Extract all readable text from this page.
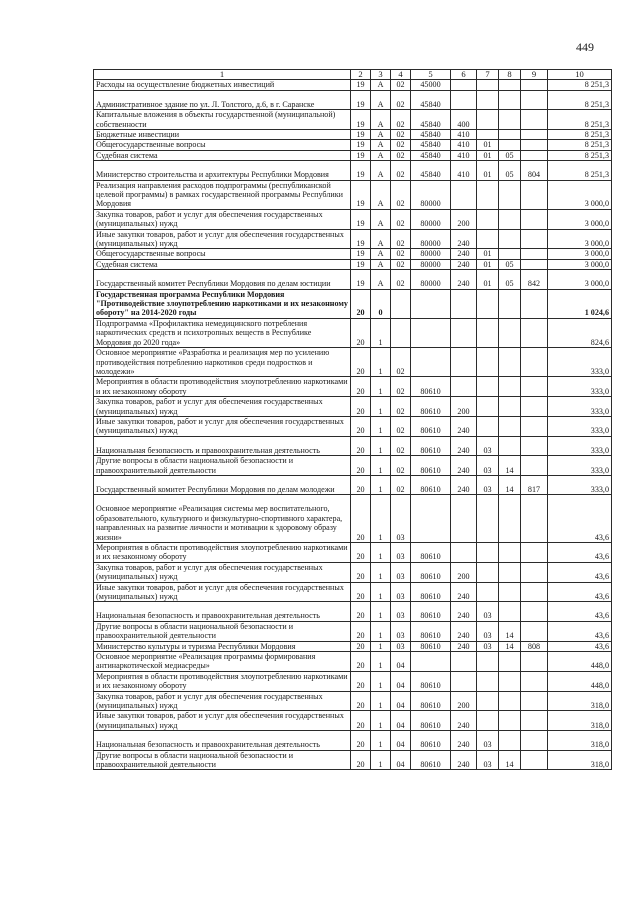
449
1	2	3	4	5	6	7	8	9	10
Расходы на осуществление бюджетных инвестиций	19	А	02	45000					8 251,3
Административное здание по ул. Л. Толстого, д.6, в г. Саранске	19	А	02	45840					8 251,3
Капитальные вложения в объекты государственной (муниципальной) собственности	19	А	02	45840	400				8 251,3
Бюджетные инвестиции	19	А	02	45840	410				8 251,3
Общегосударственные вопросы	19	А	02	45840	410	01			8 251,3
Судебная система	19	А	02	45840	410	01	05		8 251,3
Министерство строительства и архитектуры Республики Мордовия	19	А	02	45840	410	01	05	804	8 251,3
Реализация направления расходов подпрограммы (республиканской целевой программы) в рамках государственной программы Республики Мордовия	19	А	02	80000					3 000,0
Закупка товаров, работ и услуг для обеспечения государственных (муниципальных) нужд	19	А	02	80000	200				3 000,0
Иные закупки товаров, работ и услуг для обеспечения государственных (муниципальных) нужд	19	А	02	80000	240				3 000,0
Общегосударственные вопросы	19	А	02	80000	240	01			3 000,0
Судебная система	19	А	02	80000	240	01	05		3 000,0
Государственный комитет Республики Мордовия по делам юстиции	19	А	02	80000	240	01	05	842	3 000,0
Государственная программа Республики Мордовия "Противодействие злоупотреблению наркотиками и их незаконному обороту" на 2014-2020 годы	20	0							1 024,6
Подпрограмма «Профилактика немедицинского потребления наркотических средств и психотропных веществ в Республике Мордовия до 2020 года»	20	1							824,6
Основное мероприятие «Разработка и реализация мер по усилению противодействия потреблению наркотиков среди подростков и молодежи»	20	1	02						333,0
Мероприятия в области противодействия злоупотреблению наркотиками и их незаконному обороту	20	1	02	80610					333,0
Закупка товаров, работ и услуг для обеспечения государственных (муниципальных) нужд	20	1	02	80610	200				333,0
Иные закупки товаров, работ и услуг для обеспечения государственных (муниципальных) нужд	20	1	02	80610	240				333,0
Национальная безопасность и правоохранительная деятельность	20	1	02	80610	240	03			333,0
Другие вопросы в области национальной безопасности и правоохранительной деятельности	20	1	02	80610	240	03	14		333,0
Государственный комитет Республики Мордовия по делам молодежи	20	1	02	80610	240	03	14	817	333,0
Основное мероприятие «Реализация системы мер воспитательного, образовательного, культурного и физкультурно-спортивного характера, направленных на развитие личности и мотивации к здоровому образу жизни»	20	1	03						43,6
Мероприятия в области противодействия злоупотреблению наркотиками и их незаконному обороту	20	1	03	80610					43,6
Закупка товаров, работ и услуг для обеспечения государственных (муниципальных) нужд	20	1	03	80610	200				43,6
Иные закупки товаров, работ и услуг для обеспечения государственных (муниципальных) нужд	20	1	03	80610	240				43,6
Национальная безопасность и правоохранительная деятельность	20	1	03	80610	240	03			43,6
Другие вопросы в области национальной безопасности и правоохранительной деятельности	20	1	03	80610	240	03	14		43,6
Министерство культуры и туризма Республики Мордовия	20	1	03	80610	240	03	14	808	43,6
Основное мероприятие «Реализация программы формирования антинаркотической медиасреды»	20	1	04						448,0
Мероприятия в области противодействия злоупотреблению наркотиками и их незаконному обороту	20	1	04	80610					448,0
Закупка товаров, работ и услуг для обеспечения государственных (муниципальных) нужд	20	1	04	80610	200				318,0
Иные закупки товаров, работ и услуг для обеспечения государственных (муниципальных) нужд	20	1	04	80610	240				318,0
Национальная безопасность и правоохранительная деятельность	20	1	04	80610	240	03			318,0
Другие вопросы в области национальной безопасности и правоохранительной деятельности	20	1	04	80610	240	03	14		318,0
